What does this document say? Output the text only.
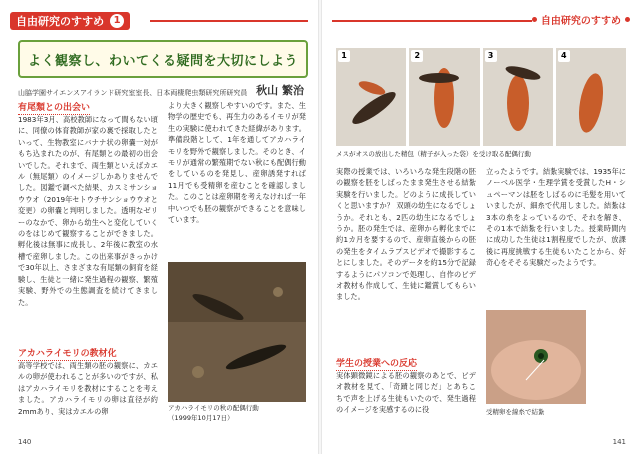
自由研究のすすめ 1
よく観察し、わいてくる疑問を大切にしよう
山脇学園サイエンスアイランド研究室室長、日本両棲爬虫類研究所研究員 秋山 繁治
有尾類との出会い
1983年3月、高校教師になって間もない頃に、同僚の体育教師が家の裏で採取したといって、生物教室にバナナ状の卵嚢一対がもち込まれたのが、有尾類との最初の出会いでした。それまで、両生類といえばカエル（無尾類）のイメージしかありませんでした。図鑑で調べた結果、カスミサンショウウオ（2019年セトウチサンショウウオと変更）の卵嚢と判明しました。透明なゼリーのなかで、卵から幼生へと変化していくのをはじめて観察することができました。孵化後は無事に成長し、2年後に教室の水槽で産卵しました。この出来事がきっかけで30年以上、さまざまな有尾類の飼育を経験し、生徒と一緒に発生過程の観察、繁殖実験、野外での生態調査を続けてきました。
アカハライモリの教材化
高等学校では、両生類の胚の観察に、カエルの卵が使われることが多いのですが、私はアカハライモリを教材にすることを考えました。アカハライモリの卵は直径が約2mmあり、実はカエルの卵
より大きく観察しやすいのです。また、生物学の歴史でも、再生力のあるイモリが発生の実験に使われてきた経緯があります。準備段階として、1年を通してアカハライモリを野外で観察しました。そのとき、イモリが通常の繁殖期でない秋にも配偶行動をしているのを発見し、産卵誘発すれば11月でも受精卵を産むことを確認しました。このことは産卵期を考えなければ一年中いつでも胚の観察ができることを意味しています。
アカハライモリの秋の配偶行動
（1999年10月17日）
140
自由研究のすすめ
1	2	3	4
メスがオスの放出した精包（精子が入った袋）を受け取る配偶行動
実際の授業では、いろいろな発生段階の胚の観察を胚をしばったまま発生させる結紮実験を行いました。どのように成長していくと思いますか？ 双頭の幼生になるでしょうか。それとも、2匹の幼生になるでしょうか。胚の発生では、産卵から孵化までに約1カ月を要するので、産卵直後からの胚の発生をタイムラプスビデオで撮影することにしました。そのデータを約15分で記録するようにパソコンで処理し、自作のビデオ教材も作成して、生徒に鑑賞してもらいました。
学生の授業への反応
実体顕微鏡による胚の観察のあとで、ビデオ教材を見て、「奇蹟と同じだ」とあちこちで声を上げる生徒もいたので、発生過程のイメージを実感するのに役
立ったようです。結紮実験では、1935年にノーベル医学・生理学賞を受賞したH・シュペーマンは胚をしばるのに毛髪を用いていましたが、細糸で代用しました。結紮は3本の糸をよっているので、それを解き、その1本で結紮を行いました。授業時間内に成功した生徒は1割程度でしたが、放課後に再度挑戦する生徒もいたことから、好奇心をそそる実験だったようです。
受精卵を線糸で結紮
141
